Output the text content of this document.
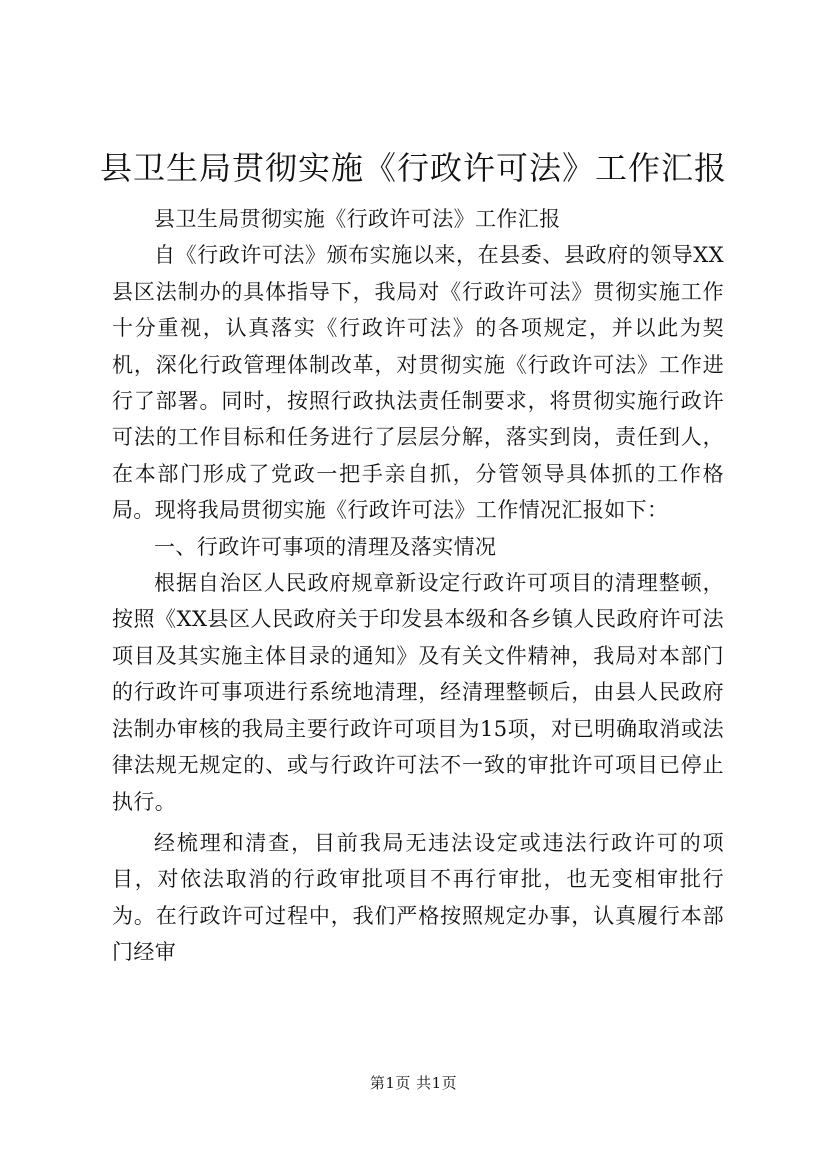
县卫生局贯彻实施《行政许可法》工作汇报

县卫生局贯彻实施《行政许可法》工作汇报

自《行政许可法》颁布实施以来，在县委、县政府的领导XX县区法制办的具体指导下，我局对《行政许可法》贯彻实施工作十分重视，认真落实《行政许可法》的各项规定，并以此为契机，深化行政管理体制改革，对贯彻实施《行政许可法》工作进行了部署。同时，按照行政执法责任制要求，将贯彻实施行政许可法的工作目标和任务进行了层层分解，落实到岗，责任到人，在本部门形成了党政一把手亲自抓，分管领导具体抓的工作格局。现将我局贯彻实施《行政许可法》工作情况汇报如下：

一、行政许可事项的清理及落实情况

根据自治区人民政府规章新设定行政许可项目的清理整顿，按照《XX县区人民政府关于印发县本级和各乡镇人民政府许可法项目及其实施主体目录的通知》及有关文件精神，我局对本部门的行政许可事项进行系统地清理，经清理整顿后，由县人民政府法制办审核的我局主要行政许可项目为15项，对已明确取消或法律法规无规定的、或与行政许可法不一致的审批许可项目已停止执行。

经梳理和清查，目前我局无违法设定或违法行政许可的项目，对依法取消的行政审批项目不再行审批，也无变相审批行为。在行政许可过程中，我们严格按照规定办事，认真履行本部门经审

第1页 共1页
